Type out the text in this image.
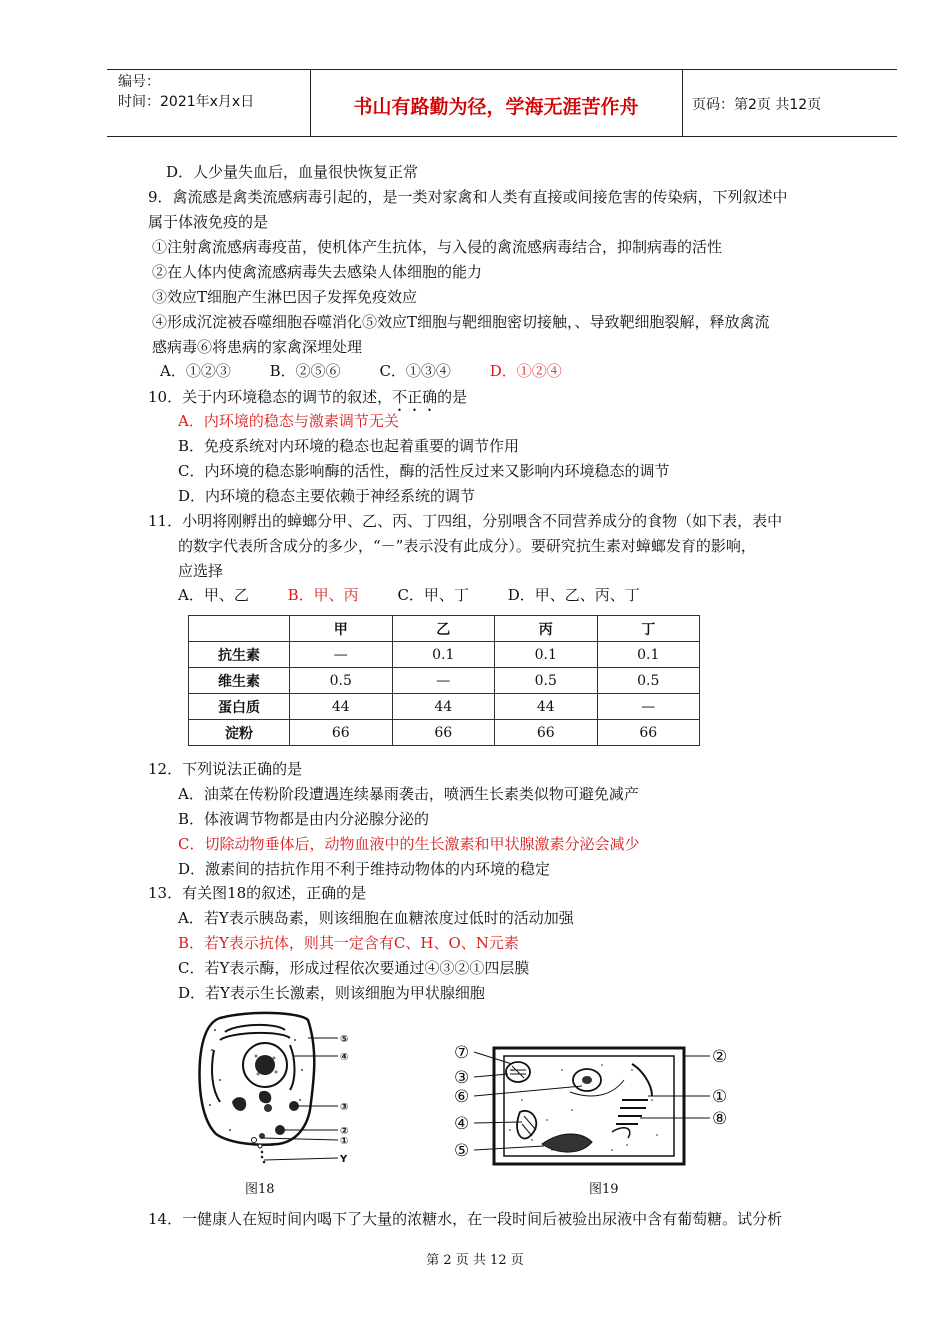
编号：
时间：2021年x月x日	书山有路勤为径，学海无涯苦作舟	页码：第2页 共12页
D．人少量失血后，血量很快恢复正常
9．禽流感是禽类流感病毒引起的，是一类对家禽和人类有直接或间接危害的传染病，下列叙述中
属于体液免疫的是
①注射禽流感病毒疫苗，使机体产生抗体，与入侵的禽流感病毒结合，抑制病毒的活性
②在人体内使禽流感病毒失去感染人体细胞的能力
③效应T细胞产生淋巴因子发挥免疫效应
④形成沉淀被吞噬细胞吞噬消化⑤效应T细胞与靶细胞密切接触，、导致靶细胞裂解，释放禽流
感病毒⑥将患病的家禽深埋处理
A．①②③	B．②⑤⑥	C．①③④	D．①②④
10．关于内环境稳态的调节的叙述，不正确的是
A．内环境的稳态与激素调节无关
B．免疫系统对内环境的稳态也起着重要的调节作用
C．内环境的稳态影响酶的活性，酶的活性反过来又影响内环境稳态的调节
D．内环境的稳态主要依赖于神经系统的调节
11．小明将刚孵出的蟑螂分甲、乙、丙、丁四组，分别喂含不同营养成分的食物（如下表，表中
的数字代表所含成分的多少，“－”表示没有此成分）。要研究抗生素对蟑螂发育的影响，
应选择
A．甲、乙	B．甲、丙	C．甲、丁	D．甲、乙、丙、丁
	甲	乙	丙	丁
抗生素	—	0.1	0.1	0.1
维生素	0.5	—	0.5	0.5
蛋白质	44	44	44	—
淀粉	66	66	66	66
12．下列说法正确的是
A．油菜在传粉阶段遭遇连续暴雨袭击，喷洒生长素类似物可避免减产
B．体液调节物都是由内分泌腺分泌的
C．切除动物垂体后，动物血液中的生长激素和甲状腺激素分泌会减少
D．激素间的拮抗作用不利于维持动物体的内环境的稳定
13．有关图18的叙述，正确的是
A．若Y表示胰岛素，则该细胞在血糖浓度过低时的活动加强
B．若Y表示抗体，则其一定含有C、H、O、N元素
C．若Y表示酶，形成过程依次要通过④③②①四层膜
D．若Y表示生长激素，则该细胞为甲状腺细胞
⑤
④
③
②
①
Y
图18
⑦
③
⑥
④
⑤
②
①
⑧
图19
14．一健康人在短时间内喝下了大量的浓糖水，在一段时间后被验出尿液中含有葡萄糖。试分析
第 2 页 共 12 页
